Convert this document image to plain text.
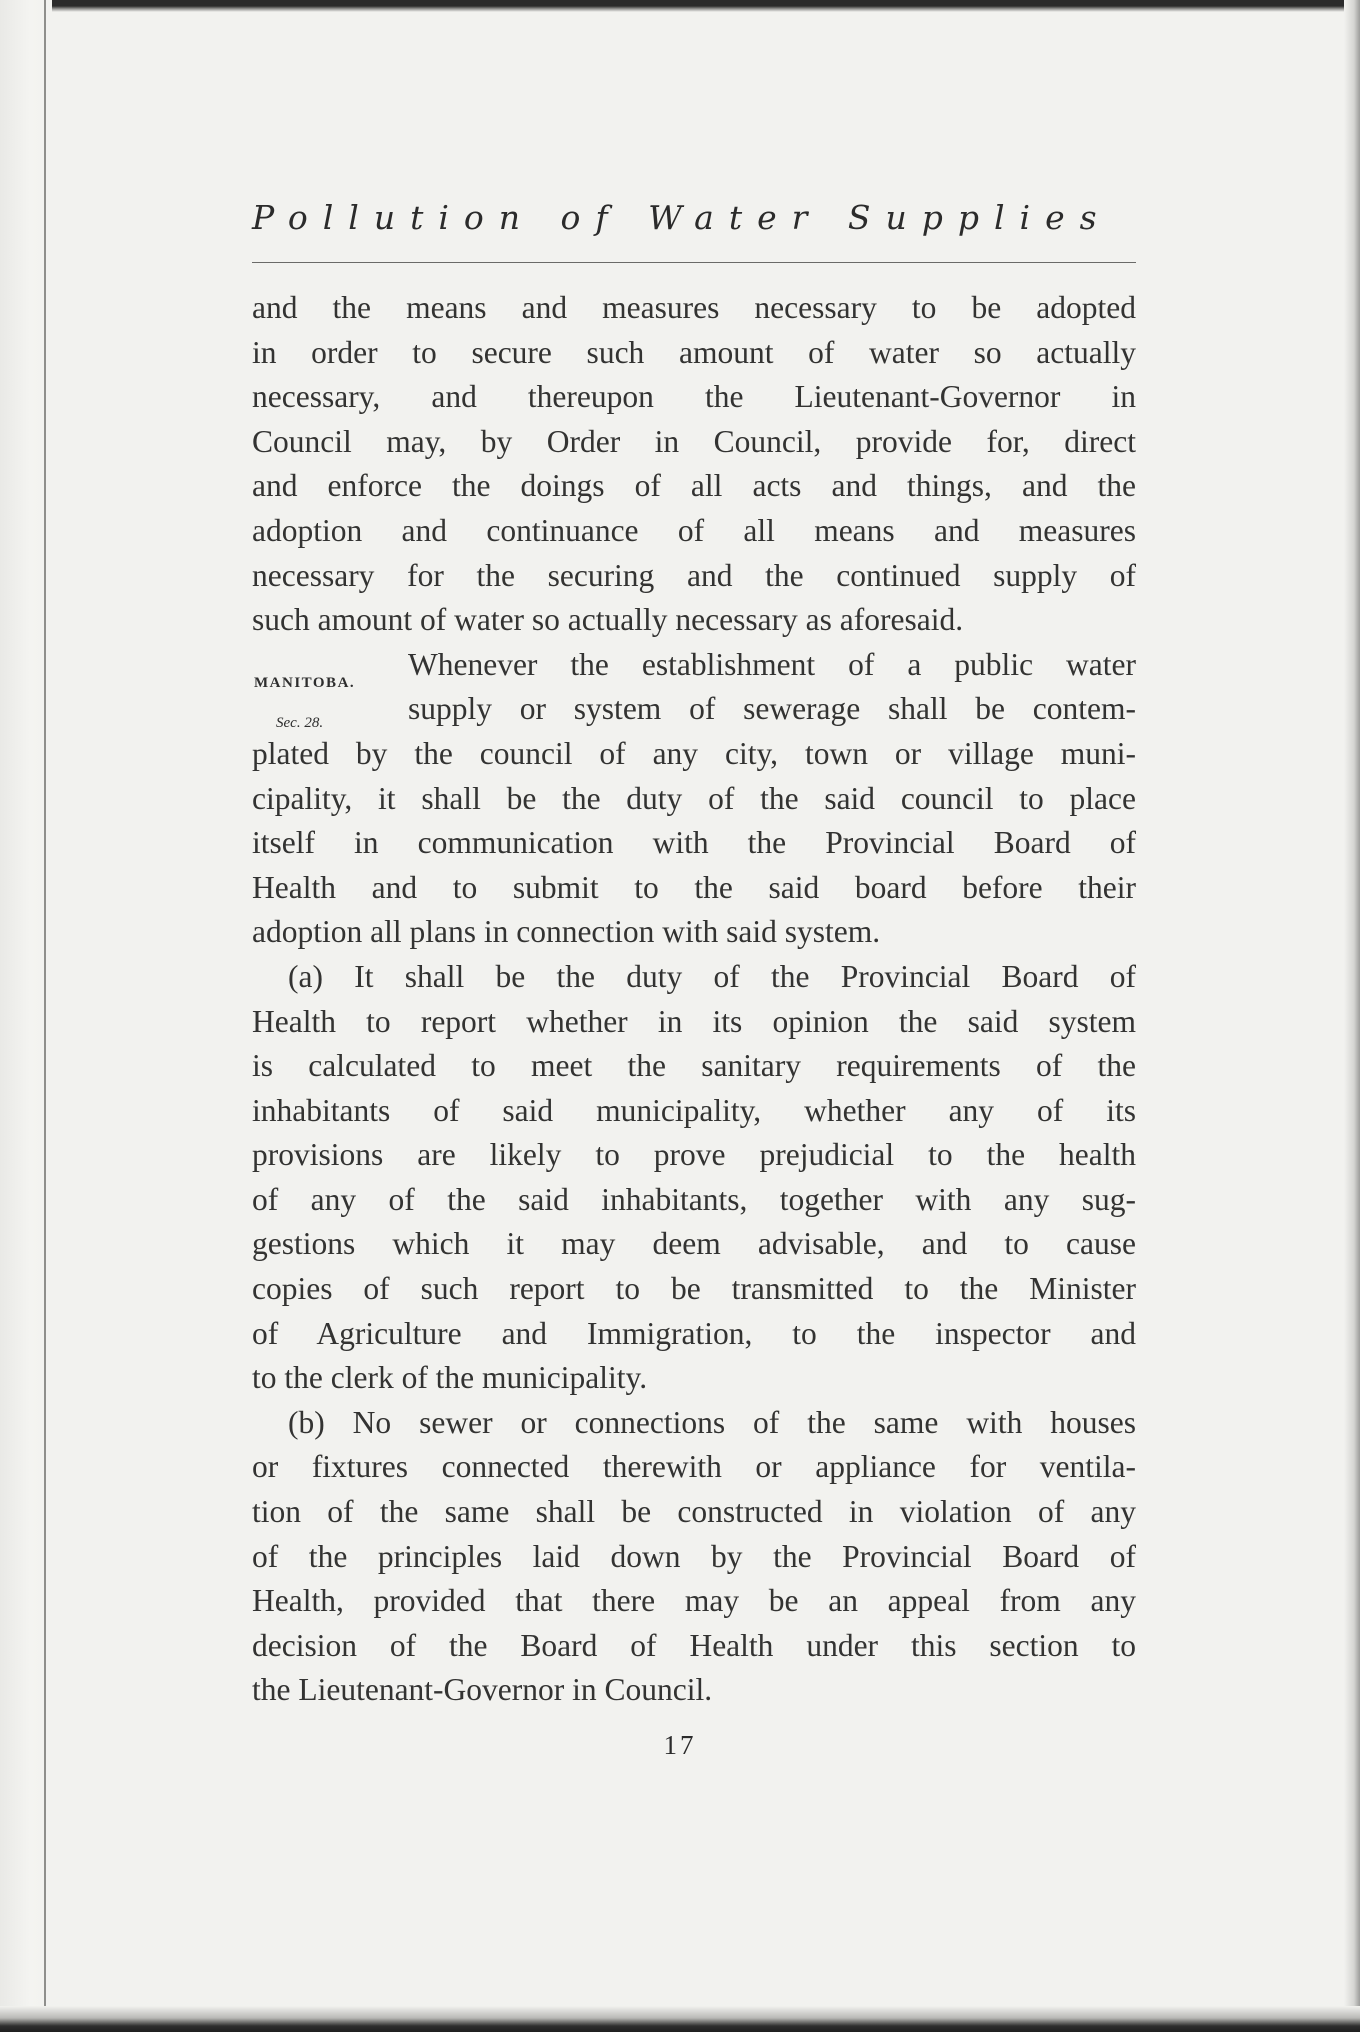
Pollution of Water Supplies
MANITOBA.
Sec. 28.

and the means and measures necessary to be adopted
in order to secure such amount of water so actually
necessary, and thereupon the Lieutenant-Governor in
Council may, by Order in Council, provide for, direct
and enforce the doings of all acts and things, and the
adoption and continuance of all means and measures
necessary for the securing and the continued supply of
such amount of water so actually necessary as aforesaid.

Whenever the establishment of a public water
supply or system of sewerage shall be contem-
plated by the council of any city, town or village muni-
cipality, it shall be the duty of the said council to place
itself in communication with the Provincial Board of
Health and to submit to the said board before their
adoption all plans in connection with said system.

(a) It shall be the duty of the Provincial Board of
Health to report whether in its opinion the said system
is calculated to meet the sanitary requirements of the
inhabitants of said municipality, whether any of its
provisions are likely to prove prejudicial to the health
of any of the said inhabitants, together with any sug-
gestions which it may deem advisable, and to cause
copies of such report to be transmitted to the Minister
of Agriculture and Immigration, to the inspector and
to the clerk of the municipality.

(b) No sewer or connections of the same with houses
or fixtures connected therewith or appliance for ventila-
tion of the same shall be constructed in violation of any
of the principles laid down by the Provincial Board of
Health, provided that there may be an appeal from any
decision of the Board of Health under this section to
the Lieutenant-Governor in Council.

17
